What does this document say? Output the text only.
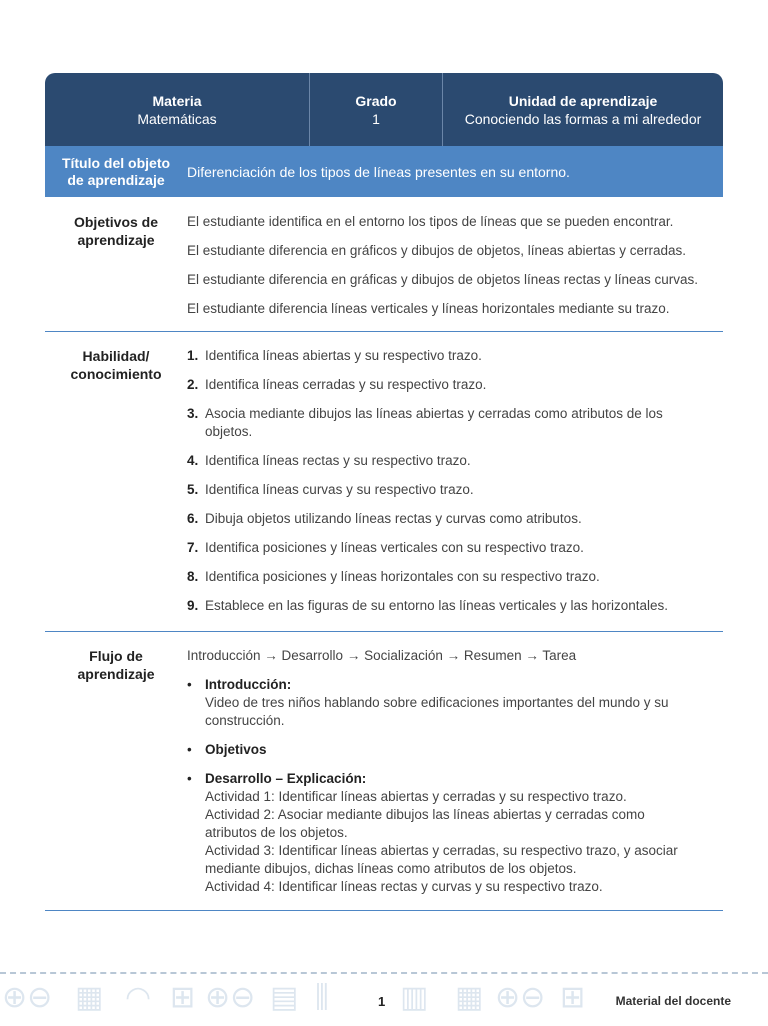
Materia
Matemáticas
Grado
1
Unidad de aprendizaje
Conociendo las formas a mi alrededor
Título del objeto
de aprendizaje	Diferenciación de los tipos de líneas presentes en su entorno.
Objetivos de
aprendizaje
El estudiante identifica en el entorno los tipos de líneas que se pueden encontrar.
El estudiante diferencia en gráficos y dibujos de objetos, líneas abiertas y cerradas.
El estudiante diferencia en gráficas y dibujos de objetos líneas rectas y líneas curvas.
El estudiante diferencia líneas verticales y líneas horizontales mediante su trazo.
Habilidad/
conocimiento
1. Identifica líneas abiertas y su respectivo trazo.
2. Identifica líneas cerradas y su respectivo trazo.
3. Asocia mediante dibujos las líneas abiertas y cerradas como atributos de los objetos.
4. Identifica líneas rectas y su respectivo trazo.
5. Identifica líneas curvas y su respectivo trazo.
6. Dibuja objetos utilizando líneas rectas y curvas como atributos.
7. Identifica posiciones y líneas verticales con su respectivo trazo.
8. Identifica posiciones y líneas horizontales con su respectivo trazo.
9. Establece en las figuras de su entorno las líneas verticales y las horizontales.
Flujo de
aprendizaje
Introducción → Desarrollo → Socialización → Resumen → Tarea
• Introducción:
Video de tres niños hablando sobre edificaciones importantes del mundo y su construcción.
• Objetivos
• Desarrollo – Explicación:
Actividad 1: Identificar líneas abiertas y cerradas y su respectivo trazo.
Actividad 2: Asociar mediante dibujos las líneas abiertas y cerradas como atributos de los objetos.
Actividad 3: Identificar líneas abiertas y cerradas, su respectivo trazo, y asociar mediante dibujos, dichas líneas como atributos de los objetos.
Actividad 4: Identificar líneas rectas y curvas y su respectivo trazo.
⊕⊖ ▦ ◠ ⊞ ⊕⊖ ▤ ⫼ ▥ ▦ ⊕⊖ ⊞
1	Material del docente
